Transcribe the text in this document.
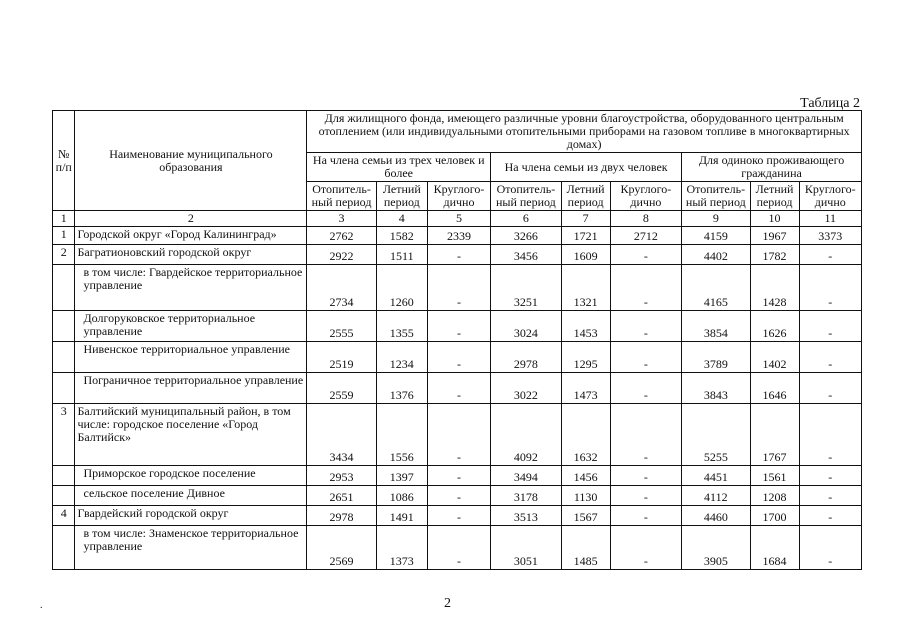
Таблица 2
№ п/п	Наименование муниципального образования	Для жилищного фонда, имеющего различные уровни благоустройства, оборудованного центральным отоплением (или индивидуальными отопительными приборами на газовом топливе в многоквартирных домах)								
		На члена семьи из трех человек и более			На члена семьи из двух человек			Для одиноко проживающего гражданина		
		Отопитель-ный период	Летний период	Круглого-дично	Отопитель-ный период	Летний период	Круглого-дично	Отопитель-ный период	Летний период	Круглого-дично
1	2	3	4	5	6	7	8	9	10	11
1	Городской округ «Город Калининград»	2762	1582	2339	3266	1721	2712	4159	1967	3373
2	Багратионовский городской округ	2922	1511	-	3456	1609	-	4402	1782	-
	в том числе: Гвардейское территориальное управление	2734	1260	-	3251	1321	-	4165	1428	-
	Долгоруковское территориальное управление	2555	1355	-	3024	1453	-	3854	1626	-
	Нивенское территориальное управление	2519	1234	-	2978	1295	-	3789	1402	-
	Пограничное территориальное управление	2559	1376	-	3022	1473	-	3843	1646	-
3	Балтийский муниципальный район, в том числе: городское поселение «Город Балтийск»	3434	1556	-	4092	1632	-	5255	1767	-
	Приморское городское поселение	2953	1397	-	3494	1456	-	4451	1561	-
	сельское поселение Дивное	2651	1086	-	3178	1130	-	4112	1208	-
4	Гвардейский городской округ	2978	1491	-	3513	1567	-	4460	1700	-
	в том числе: Знаменское территориальное управление	2569	1373	-	3051	1485	-	3905	1684	-
2
.
